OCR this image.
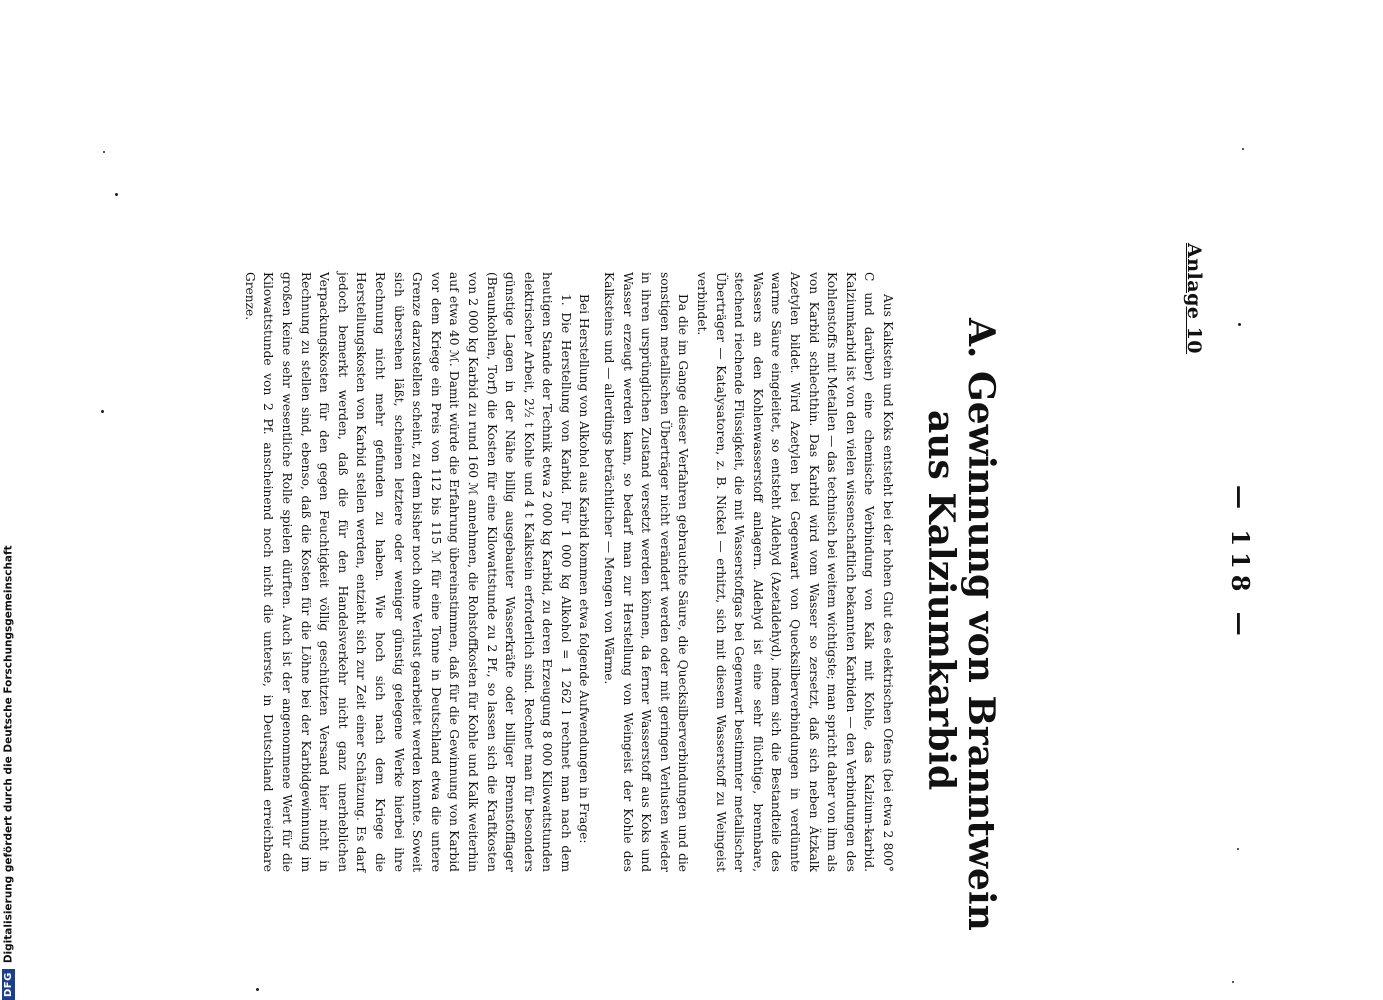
Anlage 10
— 118 —
A. Gewinnung von Branntwein
aus Kalziumkarbid

Aus Kalkstein und Koks entsteht bei der hohen Glut des elektrischen Ofens (bei etwa 2 800° C und darüber) eine chemische Verbindung von Kalk mit Kohle, das Kalzium-karbid. Kalziumkarbid ist von den vielen wissenschaftlich bekannten Karbiden — den Verbindungen des Kohlenstoffs mit Metallen — das technisch bei weitem wichtigste; man spricht daher von ihm als von Karbid schlechthin. Das Karbid wird vom Wasser so zersetzt, daß sich neben Ätzkalk Azetylen bildet. Wird Azetylen bei Gegenwart von Quecksilberverbindungen in verdünnte warme Säure eingeleitet, so entsteht Aldehyd (Azetaldehyd), indem sich die Bestandteile des Wassers an den Kohlenwasserstoff anlagern. Aldehyd ist eine sehr flüchtige, brennbare, stechend riechende Flüssigkeit, die mit Wasserstoffgas bei Gegenwart bestimmter metallischer Überträger — Katalysatoren, z. B. Nickel — erhitzt, sich mit diesem Wasserstoff zu Weingeist verbindet.

Da die im Gange dieser Verfahren gebrauchte Säure, die Quecksilberverbindungen und die sonstigen metallischen Überträger nicht verändert werden oder mit geringen Verlusten wieder in ihren ursprünglichen Zustand versetzt werden können, da ferner Wasserstoff aus Koks und Wasser erzeugt werden kann, so bedarf man zur Herstellung von Weingeist der Kohle des Kalksteins und — allerdings beträchtlicher — Mengen von Wärme.

Bei Herstellung von Alkohol aus Karbid kommen etwa folgende Aufwendungen in Frage:

1. Die Herstellung von Karbid. Für 1 000 kg Alkohol = 1 262 l rechnet man nach dem heutigen Stande der Technik etwa 2 000 kg Karbid, zu deren Erzeugung 8 000 Kilowattstunden elektrischer Arbeit, 2½ t Kohle und 4 t Kalkstein erforderlich sind. Rechnet man für besonders günstige Lagen in der Nähe billig ausgebauter Wasserkräfte oder billiger Brennstofflager (Braunkohlen, Torf) die Kosten für eine Kilowattstunde zu 2 Pf., so lassen sich die Kraftkosten von 2 000 kg Karbid zu rund 160 ℳ annehmen, die Rohstoffkosten für Kohle und Kalk weiterhin auf etwa 40 ℳ. Damit würde die Erfahrung übereinstimmen, daß für die Gewinnung von Karbid vor dem Kriege ein Preis von 112 bis 115 ℳ für eine Tonne in Deutschland etwa die untere Grenze darzustellen scheint, zu dem bisher noch ohne Verlust gearbeitet werden konnte. Soweit sich übersehen läßt, scheinen letztere oder weniger günstig gelegene Werke hierbei ihre Rechnung nicht mehr gefunden zu haben. Wie hoch sich nach dem Kriege die Herstellungskosten von Karbid stellen werden, entzieht sich zur Zeit einer Schätzung. Es darf jedoch bemerkt werden, daß die für den Handelsverkehr nicht ganz unerheblichen Verpackungskosten für den gegen Feuchtigkeit völlig geschützten Versand hier nicht in Rechnung zu stellen sind, ebenso, daß die Kosten für die Löhne bei der Karbidgewinnung im großen keine sehr wesentliche Rolle spielen dürften. Auch ist der angenommene Wert für die Kilowattstunde von 2 Pf. anscheinend noch nicht die unterste, in Deutschland erreichbare Grenze.

DFGDigitalisierung gefördert durch die Deutsche Forschungsgemeinschaft
